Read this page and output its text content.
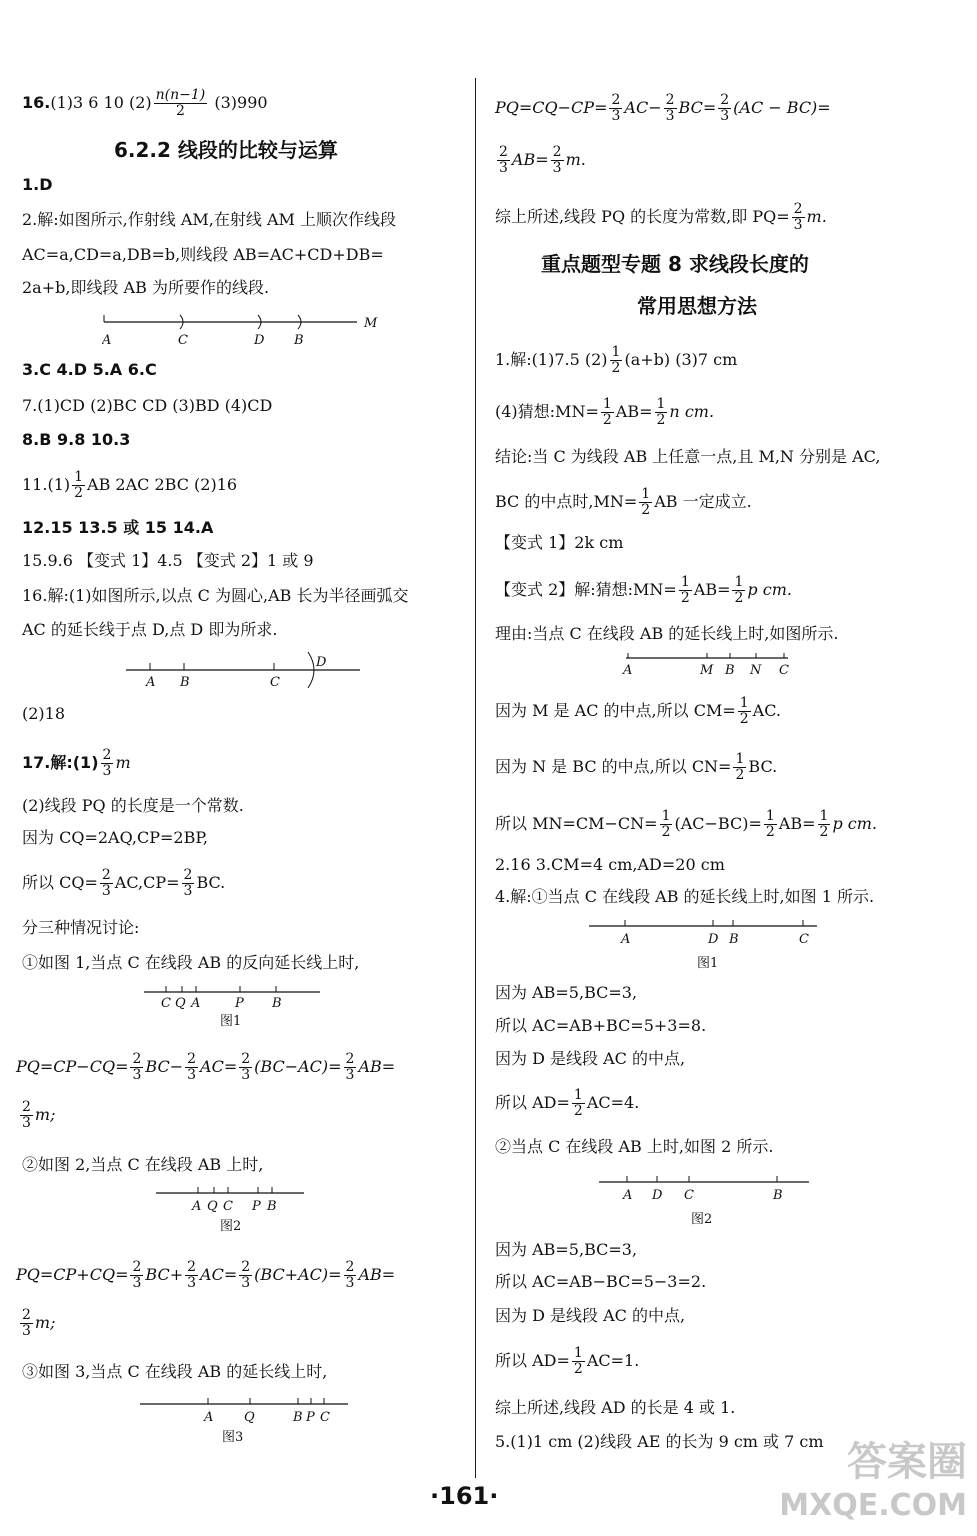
16.(1)3 6 10 $(2) \frac{n(n-1)}{2} (3)990$
6.2.2 线段的比较与运算
1.D
2.解:如图所示,作射线 AM,在射线 AM 上顺次作线段
AC=a,CD=a,DB=b,则线段 AB=AC+CD+DB=
2a+b,即线段 AB 为所要作的线段.
A	C	D B
M
3.C 4.D 5.A 6.C
7.(1)CD (2)BC CD (3)BD (4)CD
8.B 9.8 10.3
$11.(1) \frac{1}{2}$ AB 2AC 2BC (2)16
12.15 13.5 或 15 14.A
15.9.6 【变式 1】4.5 【变式 2】1 或 9
16.解:(1)如图所示,以点 C 为圆心,AB 长为半径画弧交
AC 的延长线于点 D,点 D 即为所求.
A B	C
D
(2)18
17.解:(1) $\frac{2}{3}$ m
(2)线段 PQ 的长度是一个常数.
因为 CQ=2AQ,CP=2BP,
所以 $CQ= \frac{2}{3} AC,CP= \frac{2}{3}$ BC.
分三种情况讨论:
①如图 1,当点 C 在线段 AB 的反向延长线上时,
C Q A	P B
图1
$PQ=CP-CQ= \frac{2}{3} BC- \frac{2}{3} AC= \frac{2}{3} (BC-AC)= \frac{2}{3} AB=$
$\frac{2}{3} m$;
②如图 2,当点 C 在线段 AB 上时,
A Q C P B
图2
$PQ=CP+CQ= \frac{2}{3} BC+ \frac{2}{3} AC= \frac{2}{3} (BC+AC)= \frac{2}{3} AB=$
$\frac{2}{3} m$;
③如图 3,当点 C 在线段 AB 的延长线上时,
A Q	B P C
图3
$PQ=CQ-CP= \frac{2}{3} AC- \frac{2}{3} BC= \frac{2}{3} (AC - BC)=$
$\frac{2}{3} AB= \frac{2}{3} m$.
综上所述,线段 PQ 的长度为常数,即 $PQ= \frac{2}{3} m$.
重点题型专题 8 求线段长度的
常用思想方法
1.解:(1)7.5 $(2) \frac{1}{2} (a+b)$ (3)7 cm
(4)猜想:MN= $\frac{1}{2} AB= \frac{1}{2}$ n cm.
结论:当 C 为线段 AB 上任意一点,且 M,N 分别是 AC,
BC 的中点时$,MN= \frac{1}{2}$ AB 一定成立.
【变式 1】2k cm
【变式 2】解:猜想:MN= $\frac{1}{2} AB= \frac{1}{2}$ p cm.
理由:当点 C 在线段 AB 的延长线上时,如图所示.
A	M B N C
因为 M 是 AC 的中点,所以 $CM= \frac{1}{2}$ AC.
因为 N 是 BC 的中点,所以 $CN= \frac{1}{2}$ BC.
所以 $MN=CM-CN= \frac{1}{2} (AC-BC)= \frac{1}{2} AB= \frac{1}{2}$ p cm.
2.16 3.CM=4 cm,AD=20 cm
4.解:①当点 C 在线段 AB 的延长线上时,如图 1 所示.
A	D B	C
图1
因为 AB=5,BC=3,
所以 AC=AB+BC=5+3=8.
因为 D 是线段 AC 的中点,
所以 $AD= \frac{1}{2} AC=4$.
②当点 C 在线段 AB 上时,如图 2 所示.
A D C	B
图2
因为 AB=5,BC=3,
所以 AC=AB−BC=5−3=2.
因为 D 是线段 AC 的中点,
所以 $AD= \frac{1}{2} AC=1$.
综上所述,线段 AD 的长是 4 或 1.
5.(1)1 cm (2)线段 AE 的长为 9 cm 或 7 cm
·161·
答案圈
MXQE.COM
